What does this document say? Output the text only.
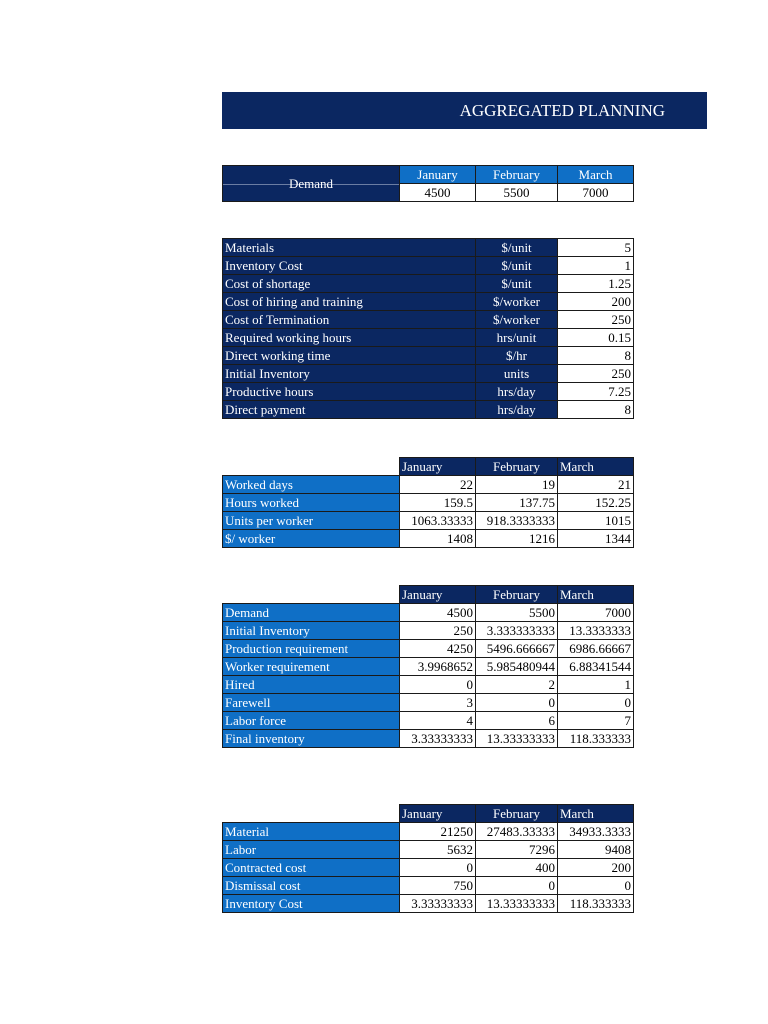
AGGREGATED PLANNING
Demand	January	February	March
	4500	5500	7000
Materials	$/unit	5
Inventory Cost	$/unit	1
Cost of shortage	$/unit	1.25
Cost of hiring and training	$/worker	200
Cost of Termination	$/worker	250
Required working hours	hrs/unit	0.15
Direct working time	$/hr	8
Initial Inventory	units	250
Productive hours	hrs/day	7.25
Direct payment	hrs/day	8
	January	February	March
Worked days	22	19	21
Hours worked	159.5	137.75	152.25
Units per worker	1063.33333	918.3333333	1015
$/ worker	1408	1216	1344
	January	February	March
Demand	4500	5500	7000
Initial Inventory	250	3.333333333	13.3333333
Production requirement	4250	5496.666667	6986.66667
Worker requirement	3.9968652	5.985480944	6.88341544
Hired	0	2	1
Farewell	3	0	0
Labor force	4	6	7
Final inventory	3.33333333	13.33333333	118.333333
	January	February	March
Material	21250	27483.33333	34933.3333
Labor	5632	7296	9408
Contracted cost	0	400	200
Dismissal cost	750	0	0
Inventory Cost	3.33333333	13.33333333	118.333333
